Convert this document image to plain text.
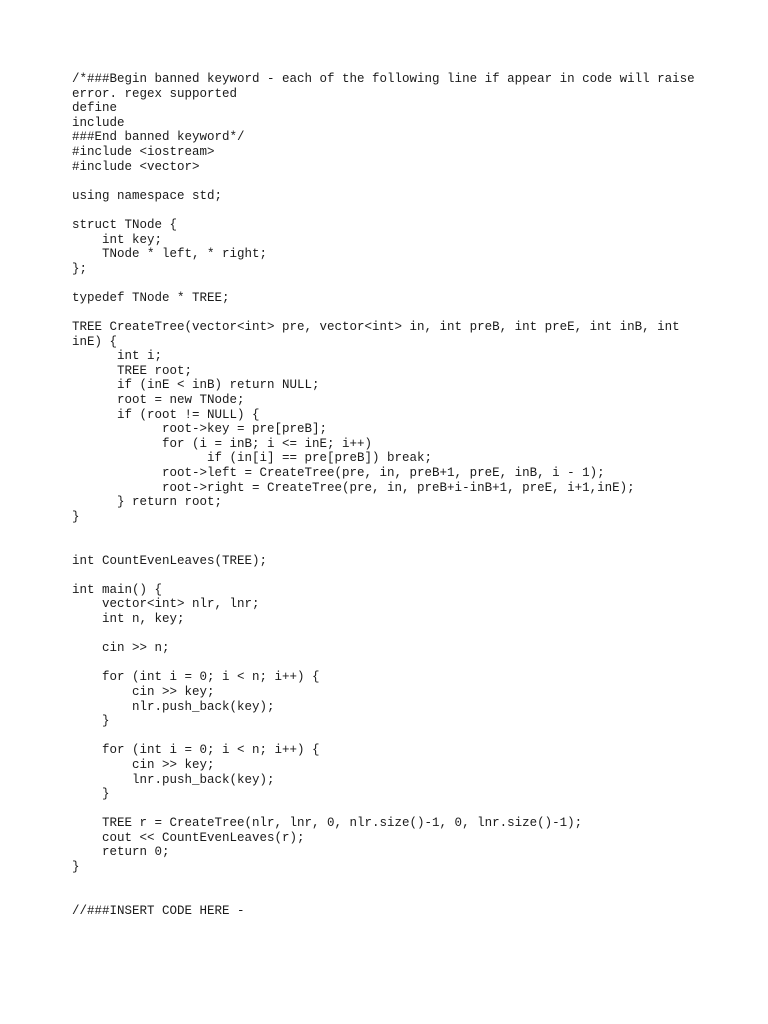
/*###Begin banned keyword - each of the following line if appear in code will raise
error. regex supported
define
include
###End banned keyword*/
#include <iostream>
#include <vector>
using namespace std;
struct TNode {
int key;
TNode * left, * right;
};
typedef TNode * TREE;
TREE CreateTree(vector<int> pre, vector<int> in, int preB, int preE, int inB, int
inE) {
int i;
TREE root;
if (inE < inB) return NULL;
root = new TNode;
if (root != NULL) {
root->key = pre[preB];
for (i = inB; i <= inE; i++)
if (in[i] == pre[preB]) break;
root->left = CreateTree(pre, in, preB+1, preE, inB, i - 1);
root->right = CreateTree(pre, in, preB+i-inB+1, preE, i+1,inE);
} return root;
}
int CountEvenLeaves(TREE);
int main() {
vector<int> nlr, lnr;
int n, key;
cin >> n;
for (int i = 0; i < n; i++) {
cin >> key;
nlr.push_back(key);
}
for (int i = 0; i < n; i++) {
cin >> key;
lnr.push_back(key);
}
TREE r = CreateTree(nlr, lnr, 0, nlr.size()-1, 0, lnr.size()-1);
cout << CountEvenLeaves(r);
return 0;
}
//###INSERT CODE HERE -
